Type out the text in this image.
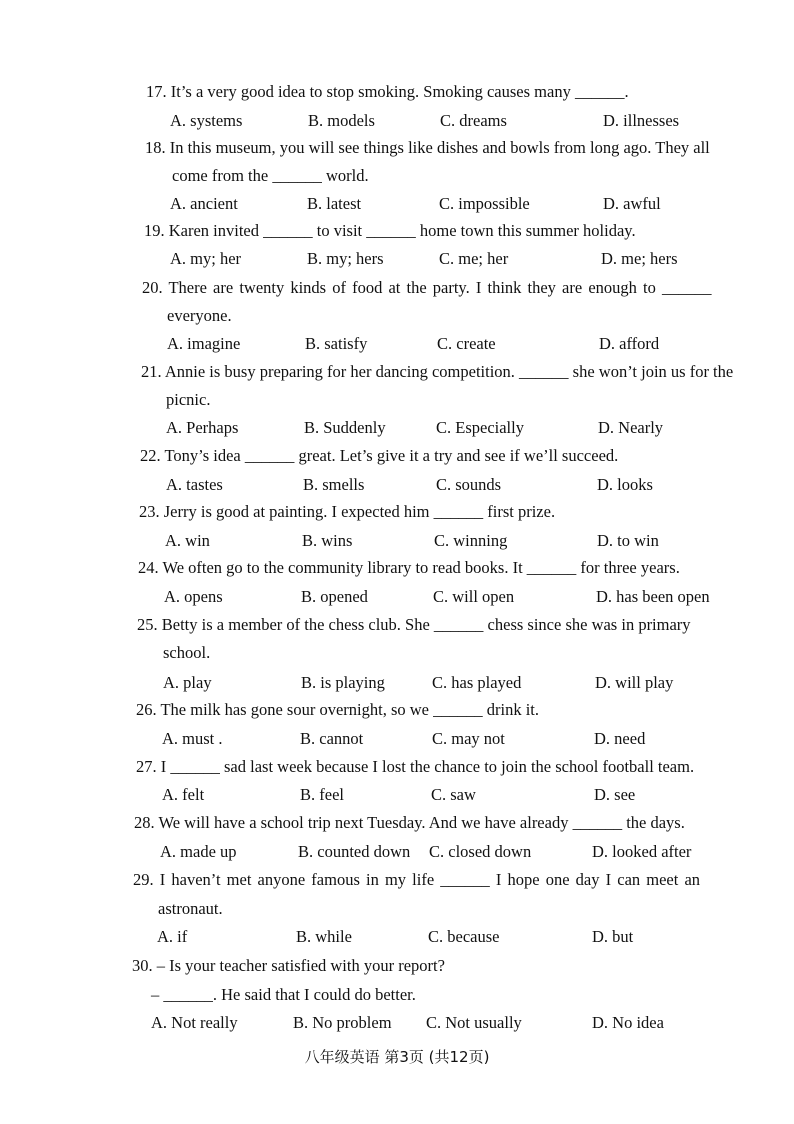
17. It’s a very good idea to stop smoking. Smoking causes many ______.
A. systems	B. models	C. dreams	D. illnesses
18. In this museum, you will see things like dishes and bowls from long ago. They all
come from the ______ world.
A. ancient	B. latest	C. impossible	D. awful
19. Karen invited ______ to visit ______ home town this summer holiday.
A. my; her	B. my; hers	C. me; her	D. me; hers
20. There are twenty kinds of food at the party. I think they are enough to ______
everyone.
A. imagine	B. satisfy	C. create	D. afford
21. Annie is busy preparing for her dancing competition. ______ she won’t join us for the
picnic.
A. Perhaps	B. Suddenly	C. Especially	D. Nearly
22. Tony’s idea ______ great. Let’s give it a try and see if we’ll succeed.
A. tastes	B. smells	C. sounds	D. looks
23. Jerry is good at painting. I expected him ______ first prize.
A. win	B. wins	C. winning	D. to win
24. We often go to the community library to read books. It ______ for three years.
A. opens	B. opened	C. will open	D. has been open
25. Betty is a member of the chess club. She ______ chess since she was in primary
school.
A. play	B. is playing	C. has played	D. will play
26. The milk has gone sour overnight, so we ______ drink it.
A. must .	B. cannot	C. may not	D. need
27. I ______ sad last week because I lost the chance to join the school football team.
A. felt	B. feel	C. saw	D. see
28. We will have a school trip next Tuesday. And we have already ______ the days.
A. made up	B. counted down C. closed down	D. looked after
29. I haven’t met anyone famous in my life ______ I hope one day I can meet an
astronaut.
A. if	B. while	C. because	D. but
30. – Is your teacher satisfied with your report?
– ______. He said that I could do better.
A. Not really	B. No problem C. Not usually	D. No idea
八年级英语 第3页 (共12页)
